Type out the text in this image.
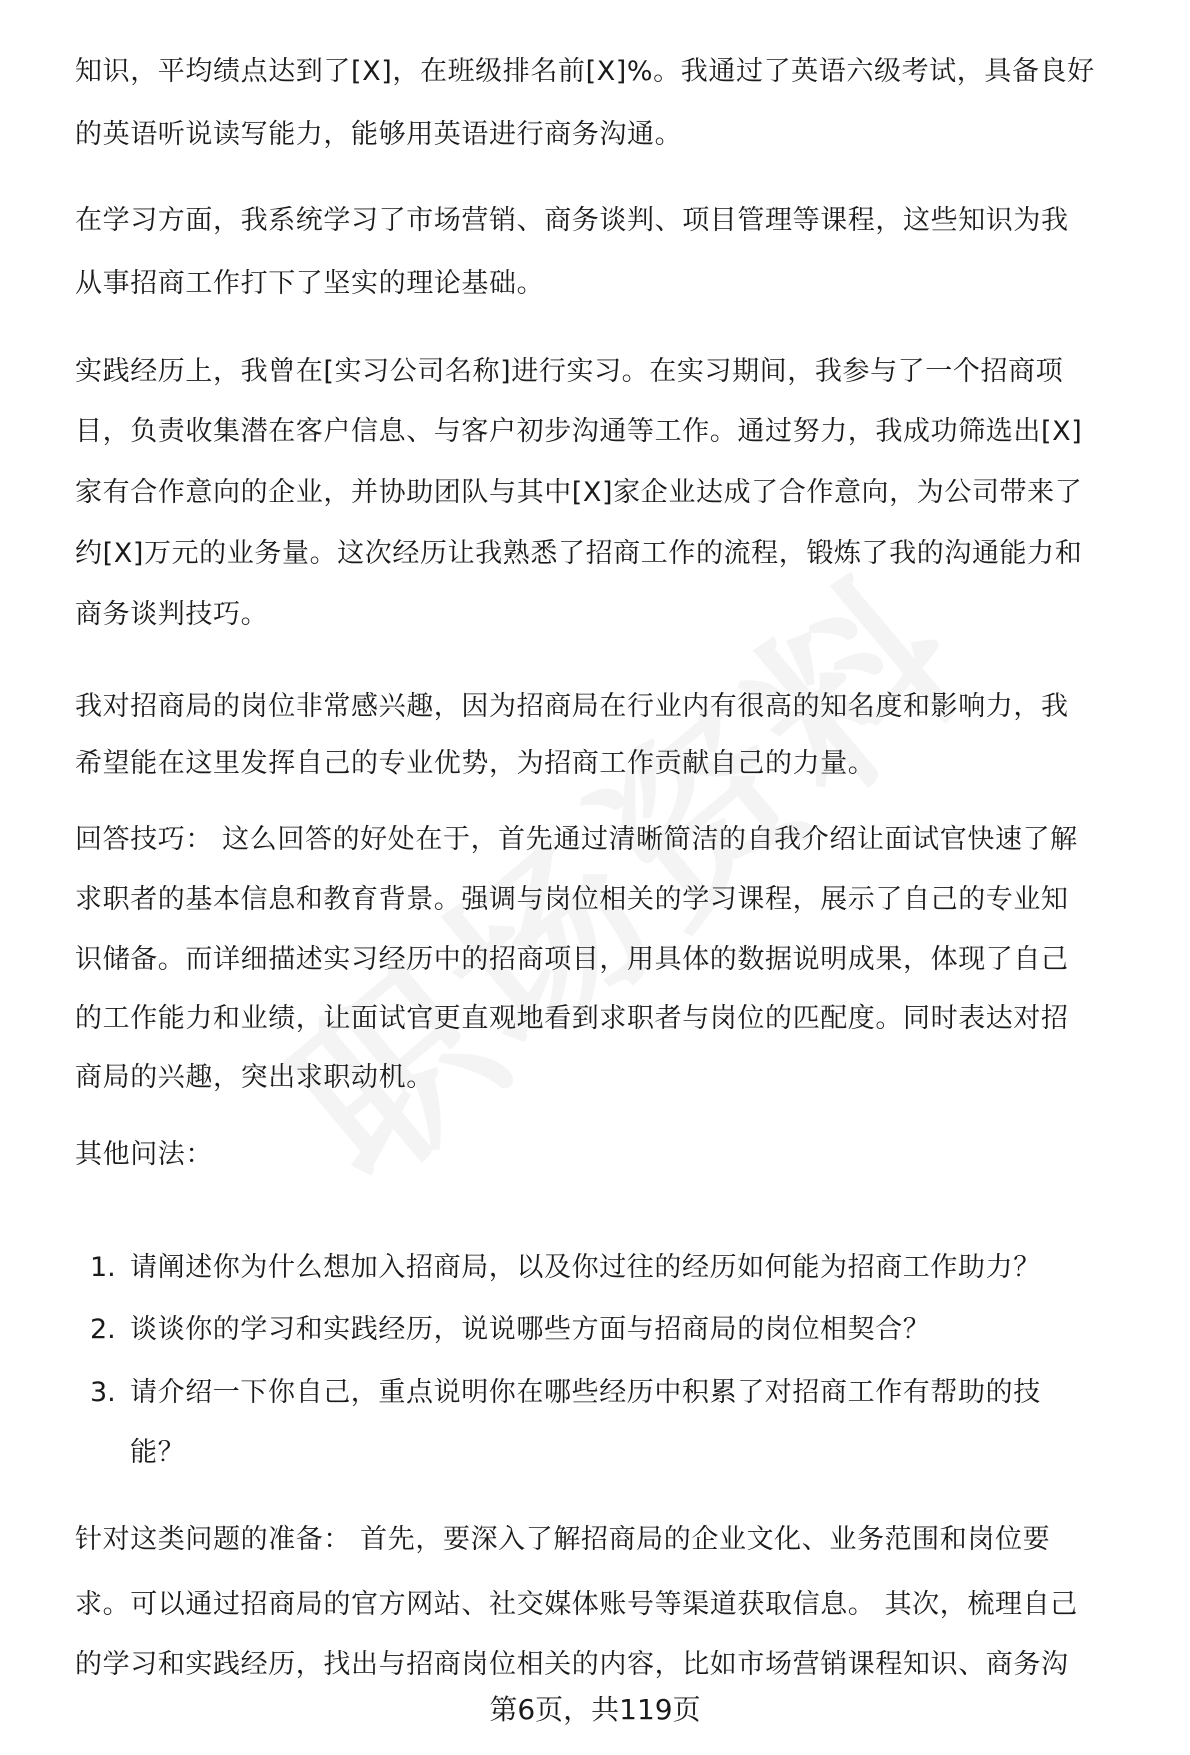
知识，平均绩点达到了[X]，在班级排名前[X]%。我通过了英语六级考试，具备良好
的英语听说读写能力，能够用英语进行商务沟通。
在学习方面，我系统学习了市场营销、商务谈判、项目管理等课程，这些知识为我
从事招商工作打下了坚实的理论基础。
实践经历上，我曾在[实习公司名称]进行实习。在实习期间，我参与了一个招商项
目，负责收集潜在客户信息、与客户初步沟通等工作。通过努力，我成功筛选出[X]
家有合作意向的企业，并协助团队与其中[X]家企业达成了合作意向，为公司带来了
约[X]万元的业务量。这次经历让我熟悉了招商工作的流程，锻炼了我的沟通能力和
商务谈判技巧。
我对招商局的岗位非常感兴趣，因为招商局在行业内有很高的知名度和影响力，我
希望能在这里发挥自己的专业优势，为招商工作贡献自己的力量。
回答技巧： 这么回答的好处在于，首先通过清晰简洁的自我介绍让面试官快速了解
求职者的基本信息和教育背景。强调与岗位相关的学习课程，展示了自己的专业知
识储备。而详细描述实习经历中的招商项目，用具体的数据说明成果，体现了自己
的工作能力和业绩，让面试官更直观地看到求职者与岗位的匹配度。同时表达对招
商局的兴趣，突出求职动机。
其他问法：
1. 请阐述你为什么想加入招商局，以及你过往的经历如何能为招商工作助力？
2. 谈谈你的学习和实践经历，说说哪些方面与招商局的岗位相契合？
3. 请介绍一下你自己，重点说明你在哪些经历中积累了对招商工作有帮助的技
能？
针对这类问题的准备： 首先，要深入了解招商局的企业文化、业务范围和岗位要
求。可以通过招商局的官方网站、社交媒体账号等渠道获取信息。 其次，梳理自己
的学习和实践经历，找出与招商岗位相关的内容，比如市场营销课程知识、商务沟
第6页，共119页
